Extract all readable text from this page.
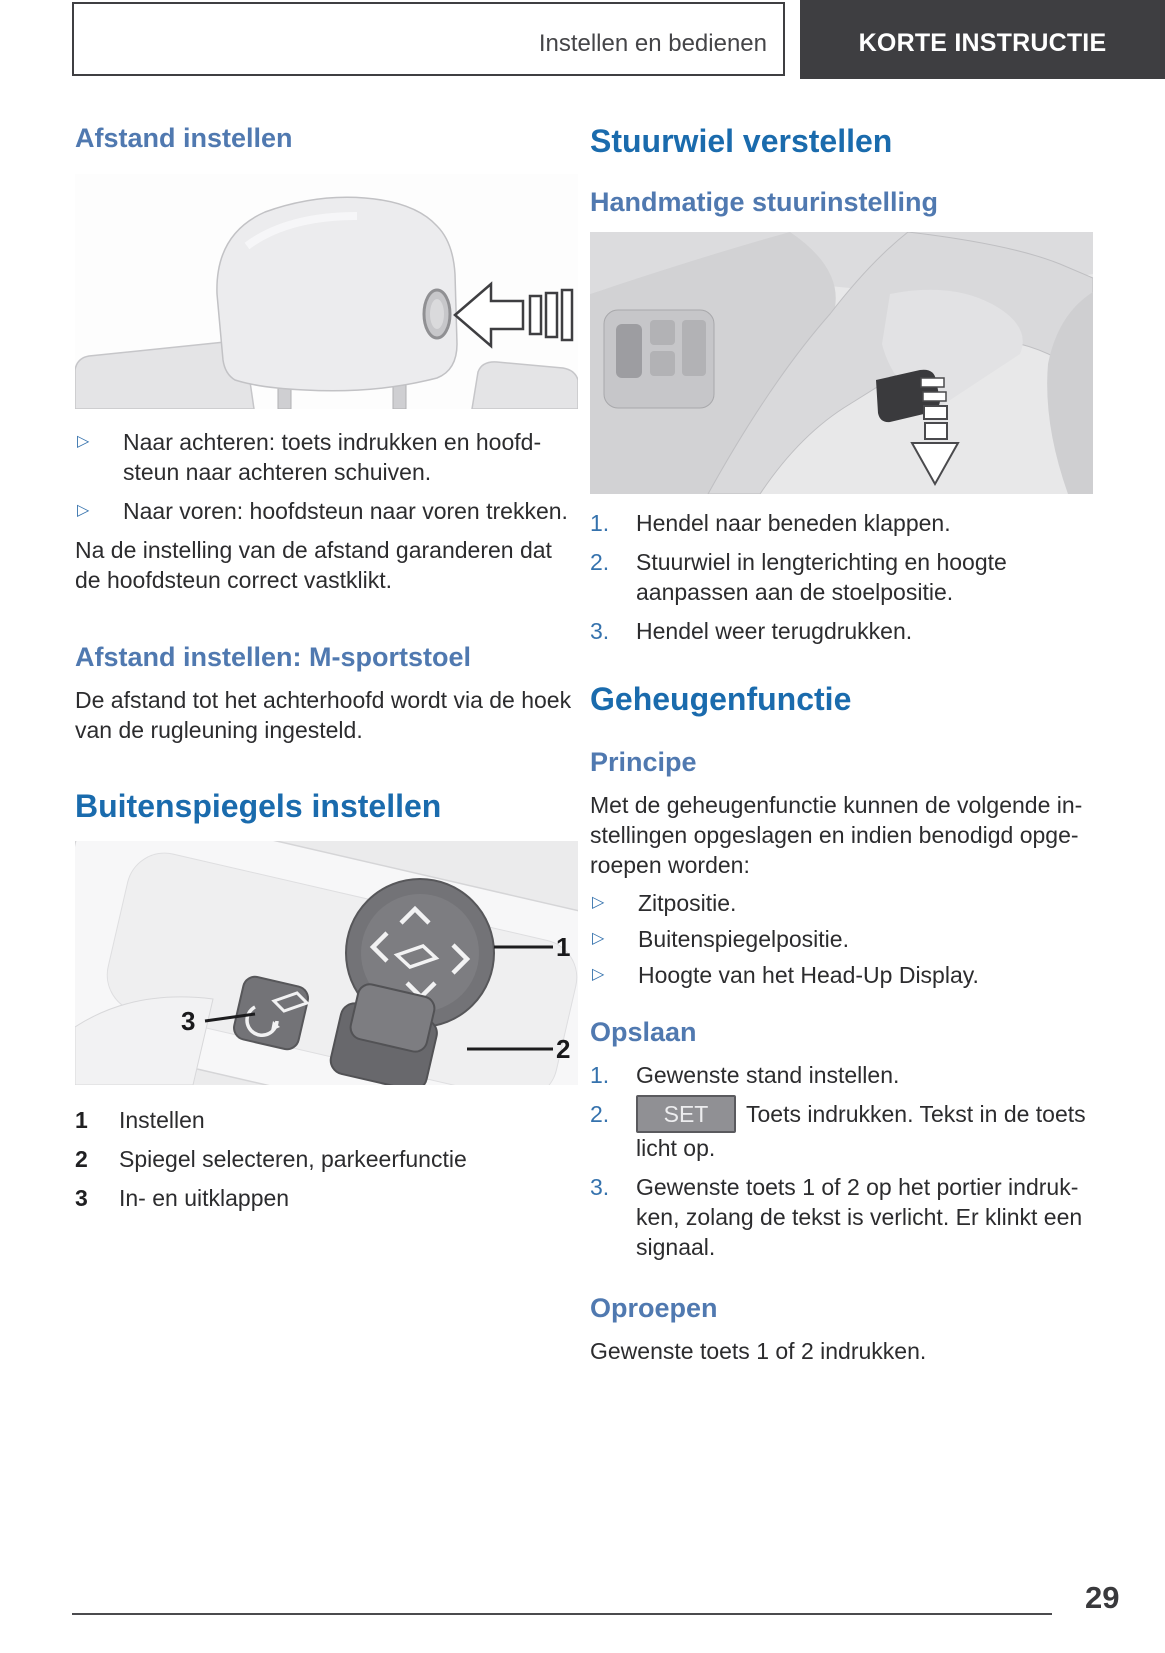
Instellen en bedienen	KORTE INSTRUCTIE
Afstand instellen
▷	Naar achteren: toets indrukken en hoofdsteun naar achteren schuiven.
▷	Naar voren: hoofdsteun naar voren trekken.

Na de instelling van de afstand garanderen dat de hoofdsteun correct vastklikt.

Afstand instellen: M-sportstoel

De afstand tot het achterhoofd wordt via de hoek van de rugleuning ingesteld.

Buitenspiegels instellen
1
2
3
1	Instellen
2	Spiegel selecteren, parkeerfunctie
3	In- en uitklappen
Stuurwiel verstellen
Handmatige stuurinstelling
1.	Hendel naar beneden klappen.
2.	Stuurwiel in lengterichting en hoogte aanpassen aan de stoelpositie.
3.	Hendel weer terugdrukken.
Geheugenfunctie
Principe

Met de geheugenfunctie kunnen de volgende instellingen opgeslagen en indien benodigd opgeroepen worden:

▷	Zitpositie.
▷	Buitenspiegelpositie.
▷	Hoogte van het Head-Up Display.
Opslaan
1.	Gewenste stand instellen.
2.	SET Toets indrukken. Tekst in de toets licht op.
3.	Gewenste toets 1 of 2 op het portier indrukken, zolang de tekst is verlicht. Er klinkt een signaal.
Oproepen

Gewenste toets 1 of 2 indrukken.

29
